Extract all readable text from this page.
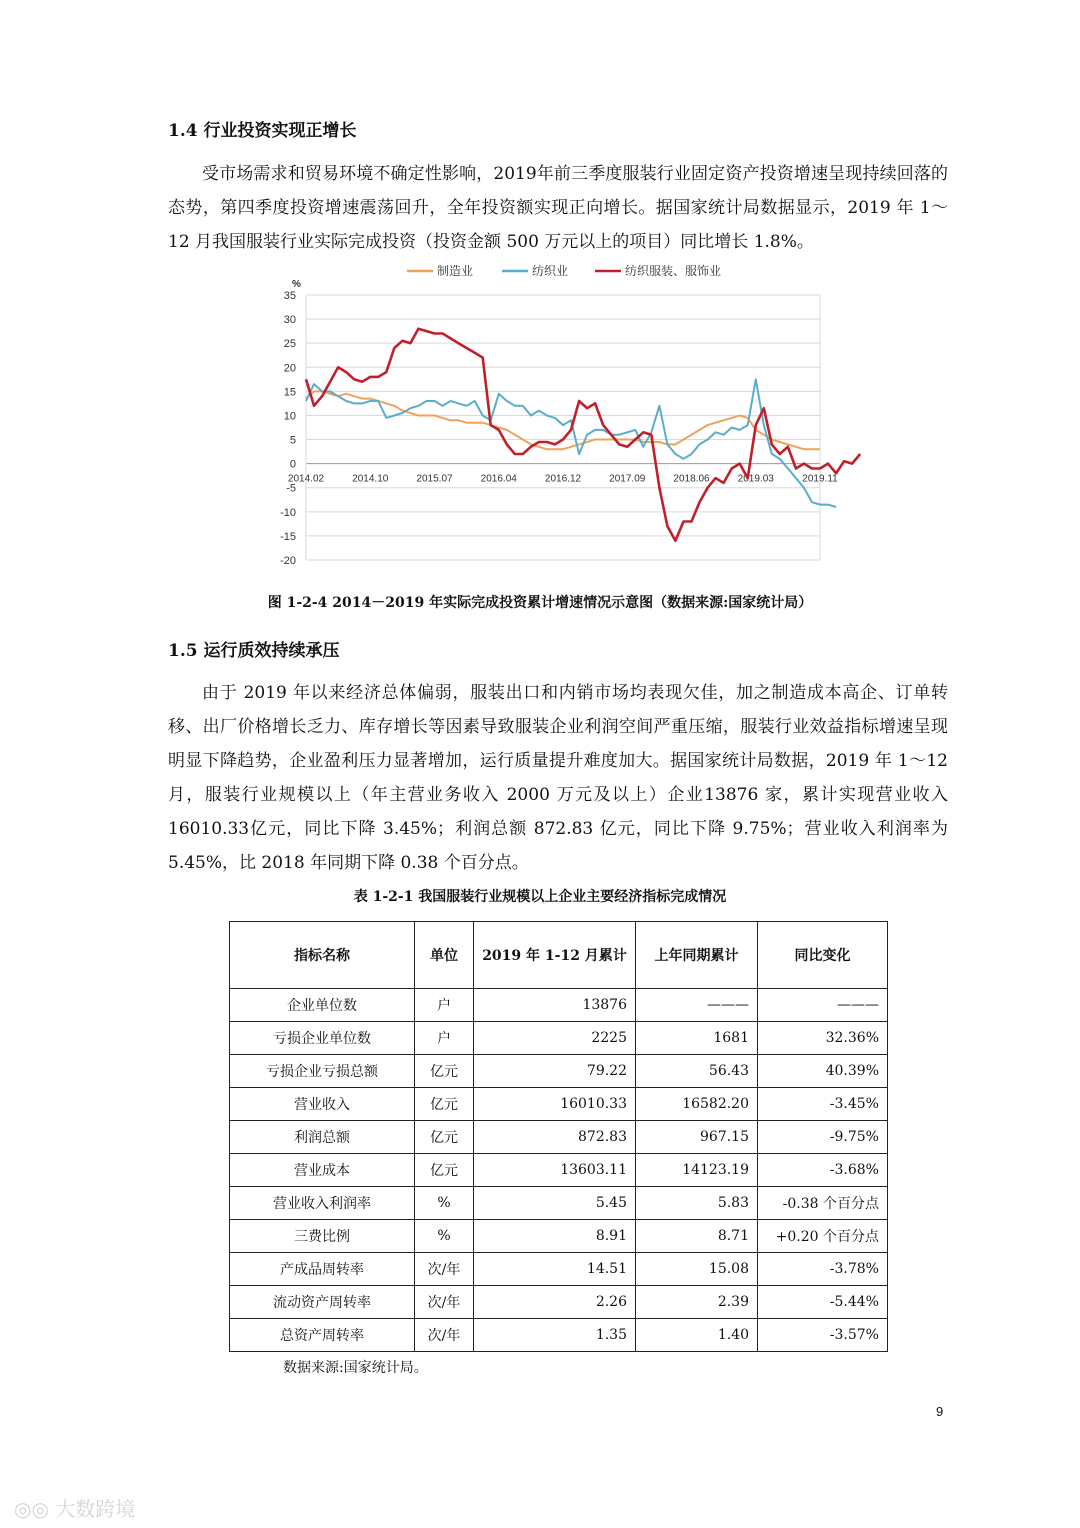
1.4 行业投资实现正增长

受市场需求和贸易环境不确定性影响，2019年前三季度服装行业固定资产投资增速呈现持续回落的态势，第四季度投资增速震荡回升，全年投资额实现正向增长。据国家统计局数据显示，2019 年 1～12 月我国服装行业实际完成投资（投资金额 500 万元以上的项目）同比增长 1.8%。

-20
-15
-10
-5
0
5
10
15
20
25
30
35
%
2014.02	2014.10	2015.07	2016.04	2016.12	2017.09	2018.06	2019.03	2019.11
制造业	纺织业	纺织服装、服饰业
图 1-2-4 2014－2019 年实际完成投资累计增速情况示意图（数据来源:国家统计局）
1.5 运行质效持续承压

由于 2019 年以来经济总体偏弱，服装出口和内销市场均表现欠佳，加之制造成本高企、订单转移、出厂价格增长乏力、库存增长等因素导致服装企业利润空间严重压缩，服装行业效益指标增速呈现明显下降趋势，企业盈利压力显著增加，运行质量提升难度加大。据国家统计局数据，2019 年 1～12 月，服装行业规模以上（年主营业务收入 2000 万元及以上）企业13876 家，累计实现营业收入16010.33亿元，同比下降 3.45%；利润总额 872.83 亿元，同比下降 9.75%；营业收入利润率为 5.45%，比 2018 年同期下降 0.38 个百分点。

表 1-2-1 我国服装行业规模以上企业主要经济指标完成情况
指标名称	单位	2019 年 1-12 月累计	上年同期累计	同比变化
企业单位数	户	13876	———	———
亏损企业单位数	户	2225	1681	32.36%
亏损企业亏损总额	亿元	79.22	56.43	40.39%
营业收入	亿元	16010.33	16582.20	-3.45%
利润总额	亿元	872.83	967.15	-9.75%
营业成本	亿元	13603.11	14123.19	-3.68%
营业收入利润率	%	5.45	5.83	-0.38 个百分点
三费比例	%	8.91	8.71	+0.20 个百分点
产成品周转率	次/年	14.51	15.08	-3.78%
流动资产周转率	次/年	2.26	2.39	-5.44%
总资产周转率	次/年	1.35	1.40	-3.57%
数据来源:国家统计局。
9
◎◎ 大数跨境
